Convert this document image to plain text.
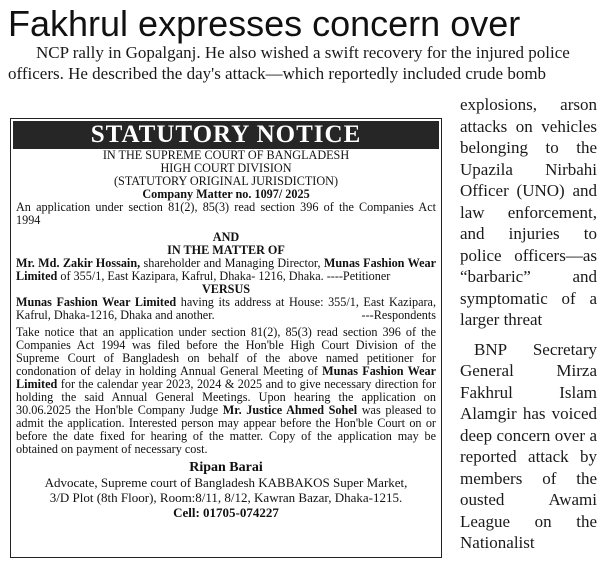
Fakhrul expresses concern over
NCP rally in Gopalganj. He also wished a swift recovery for the injured police
officers. He described the day's attack—which reportedly included crude bomb
STATUTORY NOTICE
IN THE SUPREME COURT OF BANGLADESH
HIGH COURT DIVISION
(STATUTORY ORIGINAL JURISDICTION)
Company Matter no. 1097/ 2025
An application under section 81(2), 85(3) read section 396 of the Companies Act 1994
AND
IN THE MATTER OF
Mr. Md. Zakir Hossain, shareholder and Managing Director, Munas Fashion Wear Limited of 355/1, East Kazipara, Kafrul, Dhaka- 1216, Dhaka. ----Petitioner
VERSUS
Munas Fashion Wear Limited having its address at House: 355/1, East Kazipara, Kafrul, Dhaka-1216, Dhaka and another.	---Respondents
Take notice that an application under section 81(2), 85(3) read section 396 of the Companies Act 1994 was filed before the Hon'ble High Court Division of the Supreme Court of Bangladesh on behalf of the above named petitioner for condonation of delay in holding Annual General Meeting of Munas Fashion Wear Limited for the calendar year 2023, 2024 & 2025 and to give necessary direction for holding the said Annual General Meetings. Upon hearing the application on 30.06.2025 the Hon'ble Company Judge Mr. Justice Ahmed Sohel was pleased to admit the application. Interested person may appear before the Hon'ble Court on or before the date fixed for hearing of the matter. Copy of the application may be obtained on payment of necessary cost.
Ripan Barai
Advocate, Supreme court of Bangladesh KABBAKOS Super Market,
3/D Plot (8th Floor), Room:8/11, 8/12, Kawran Bazar, Dhaka-1215.
Cell: 01705-074227

explosions, arson attacks on vehicles belonging to the Upazila Nirbahi Officer (UNO) and law enforcement, and injuries to police officers—as “barbaric” and symptomatic of a larger threat

BNP Secretary General Mirza Fakhrul Islam Alamgir has voiced deep concern over a reported attack by members of the ousted Awami League on the Nationalist
